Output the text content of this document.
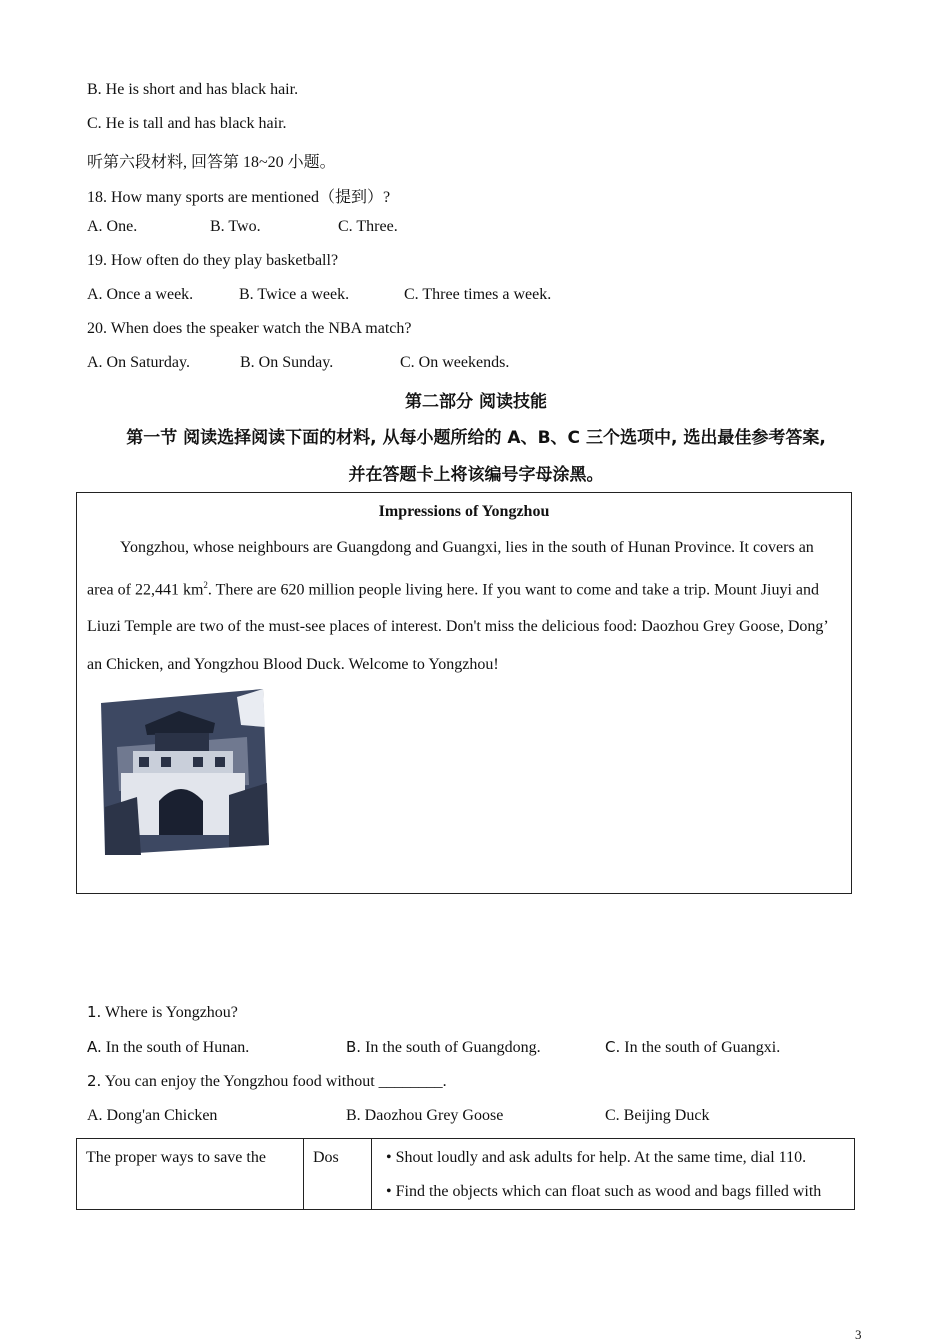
B. He is short and has black hair.
C. He is tall and has black hair.
听第六段材料, 回答第 18~20 小题。
18. How many sports are mentioned（提到）?
A. One.	B. Two.	C. Three.
19. How often do they play basketball?
A. Once a week.	B. Twice a week.	C. Three times a week.
20. When does the speaker watch the NBA match?
A. On Saturday.	B. On Sunday.	C. On weekends.
第二部分 阅读技能
第一节 阅读选择阅读下面的材料, 从每小题所给的 A、B、C 三个选项中, 选出最佳参考答案,
并在答题卡上将该编号字母涂黑。
Impressions of Yongzhou
Yongzhou, whose neighbours are Guangdong and Guangxi, lies in the south of Hunan Province. It covers an area of 22,441 $km^2$. There are 620 million people living here. If you want to come and take a trip. Mount Jiuyi and Liuzi Temple are two of the must-see places of interest. Don't miss the delicious food: Daozhou Grey Goose, Dong’ an Chicken, and Yongzhou Blood Duck. Welcome to Yongzhou!
1. Where is Yongzhou?
A. In the south of Hunan.	B. In the south of Guangdong.	C. In the south of Guangxi.
2. You can enjoy the Yongzhou food without ________.
A. Dong'an Chicken	B. Daozhou Grey Goose	C. Beijing Duck
The proper ways to save the	Dos	• Shout loudly and ask adults for help. At the same time, dial 110.
• Find the objects which can float such as wood and bags filled with
3
